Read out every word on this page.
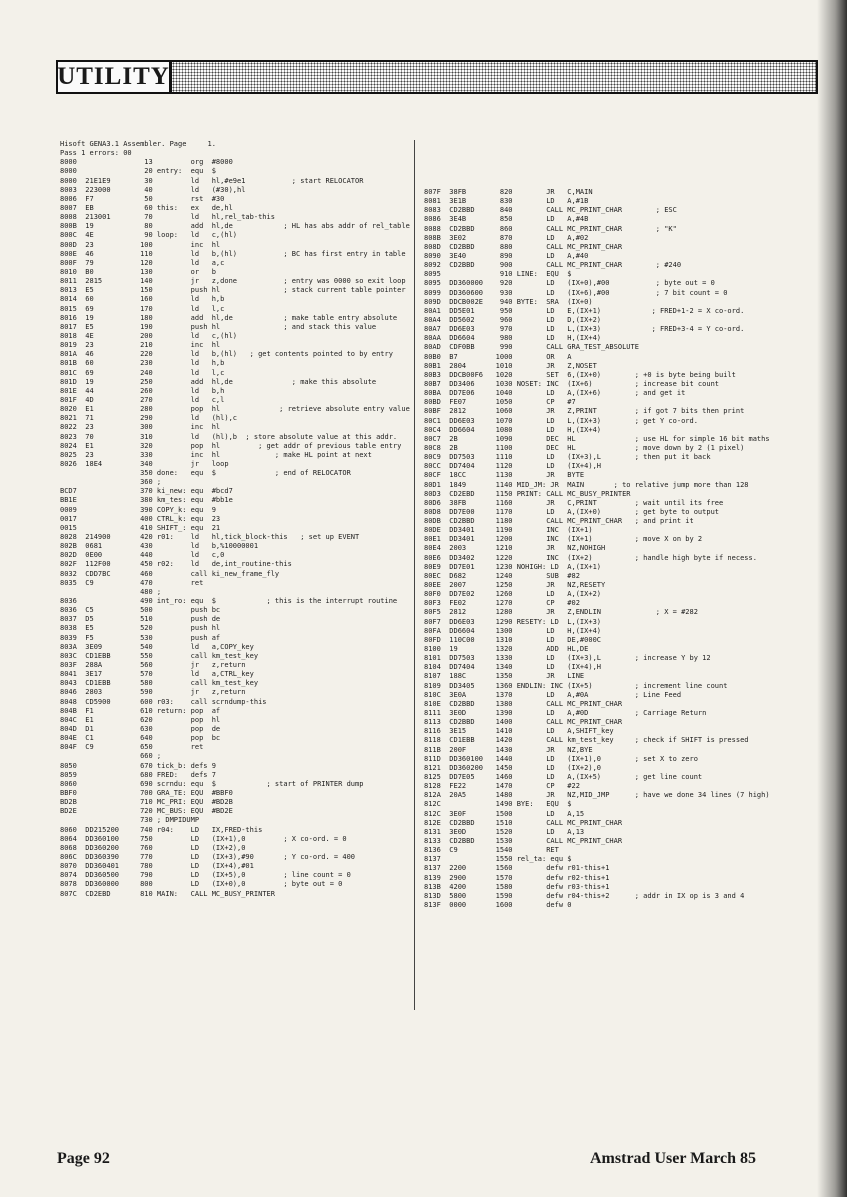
UTILITY
Hisoft GENA3.1 Assembler. Page     1.
Pass 1 errors: 00
8000                13         org  #8000
8000                20 entry:  equ  $
8000  21E1E9        30         ld   hl,#e9e1           ; start RELOCATOR
8003  223000        40         ld   (#30),hl
8006  F7            50         rst  #30
8007  EB            60 this:   ex   de,hl
8008  213001        70         ld   hl,rel_tab-this
800B  19            80         add  hl,de            ; HL has abs addr of rel_table
800C  4E            90 loop:   ld   c,(hl)
800D  23           100         inc  hl
800E  46           110         ld   b,(hl)           ; BC has first entry in table
800F  79           120         ld   a,c
8010  B0           130         or   b
8011  2815         140         jr   z,done           ; entry was 0000 so exit loop
8013  E5           150         push hl               ; stack current table pointer
8014  60           160         ld   h,b
8015  69           170         ld   l,c
8016  19           180         add  hl,de            ; make table entry absolute
8017  E5           190         push hl               ; and stack this value
8018  4E           200         ld   c,(hl)
8019  23           210         inc  hl
801A  46           220         ld   b,(hl)   ; get contents pointed to by entry
801B  60           230         ld   h,b
801C  69           240         ld   l,c
801D  19           250         add  hl,de              ; make this absolute
801E  44           260         ld   b,h
801F  4D           270         ld   c,l
8020  E1           280         pop  hl              ; retrieve absolute entry value
8021  71           290         ld   (hl),c
8022  23           300         inc  hl
8023  70           310         ld   (hl),b  ; store absolute value at this addr.
8024  E1           320         pop  hl         ; get addr of previous table entry
8025  23           330         inc  hl             ; make HL point at next
8026  18E4         340         jr   loop
350 done:   equ  $              ; end of RELOCATOR
360 ;
BCD7               370 ki_new: equ  #bcd7
BB1E               380 km_tes: equ  #bb1e
0009               390 COPY_k: equ  9
0017               400 CTRL_k: equ  23
0015               410 SHIFT_: equ  21
8028  214900       420 r01:    ld   hl,tick_block-this   ; set up EVENT
802B  0681         430         ld   b,%10000001
802D  0E00         440         ld   c,0
802F  112F00       450 r02:    ld   de,int_routine-this
8032  CDD7BC       460         call ki_new_frame_fly
8035  C9           470         ret
480 ;
8036               490 int_ro: equ  $            ; this is the interrupt routine
8036  C5           500         push bc
8037  D5           510         push de
8038  E5           520         push hl
8039  F5           530         push af
803A  3E09         540         ld   a,COPY_key
803C  CD1EBB       550         call km_test_key
803F  288A         560         jr   z,return
8041  3E17         570         ld   a,CTRL_key
8043  CD1EBB       580         call km_test_key
8046  2803         590         jr   z,return
8048  CD5900       600 r03:    call scrndump-this
804B  F1           610 return: pop  af
804C  E1           620         pop  hl
804D  D1           630         pop  de
804E  C1           640         pop  bc
804F  C9           650         ret
660 ;
8050               670 tick_b: defs 9
8059               680 FRED:   defs 7
8060               690 scrndu: equ  $            ; start of PRINTER dump
BBF0               700 GRA_TE: EQU  #BBF0
BD2B               710 MC_PRI: EQU  #BD2B
BD2E               720 MC_BUS: EQU  #BD2E
730 ; DMPIDUMP
8060  DD215200     740 r04:    LD   IX,FRED-this
8064  DD360100     750         LD   (IX+1),0         ; X co-ord. = 0
8068  DD360200     760         LD   (IX+2),0
806C  DD360390     770         LD   (IX+3),#90       ; Y co-ord. = 400
8070  DD360401     780         LD   (IX+4),#01
8074  DD360500     790         LD   (IX+5),0         ; line count = 0
8078  DD360000     800         LD   (IX+0),0         ; byte out = 0
807C  CD2EBD       810 MAIN:   CALL MC_BUSY_PRINTER
807F  38FB        820        JR   C,MAIN
8081  3E1B        830        LD   A,#1B
8083  CD2BBD      840        CALL MC_PRINT_CHAR        ; ESC
8086  3E4B        850        LD   A,#4B
8088  CD2BBD      860        CALL MC_PRINT_CHAR        ; "K"
808B  3E02        870        LD   A,#02
808D  CD2BBD      880        CALL MC_PRINT_CHAR
8090  3E40        890        LD   A,#40
8092  CD2BBD      900        CALL MC_PRINT_CHAR        ; #240
8095              910 LINE:  EQU  $
8095  DD360000    920        LD   (IX+0),#00           ; byte out = 0
8099  DD360600    930        LD   (IX+6),#00           ; 7 bit count = 0
809D  DDCB002E    940 BYTE:  SRA  (IX+0)
80A1  DD5E01      950        LD   E,(IX+1)            ; FRED+1-2 = X co-ord.
80A4  DD5602      960        LD   D,(IX+2)
80A7  DD6E03      970        LD   L,(IX+3)            ; FRED+3-4 = Y co-ord.
80AA  DD6604      980        LD   H,(IX+4)
80AD  CDF0BB      990        CALL GRA_TEST_ABSOLUTE
80B0  B7         1000        OR   A
80B1  2804       1010        JR   Z,NOSET
80B3  DDCB00F6   1020        SET  6,(IX+0)        ; +0 is byte being built
80B7  DD3406     1030 NOSET: INC  (IX+6)          ; increase bit count
80BA  DD7E06     1040        LD   A,(IX+6)        ; and get it
80BD  FE07       1050        CP   #7
80BF  2812       1060        JR   Z,PRINT         ; if got 7 bits then print
80C1  DD6E03     1070        LD   L,(IX+3)        ; get Y co-ord.
80C4  DD6604     1080        LD   H,(IX+4)
80C7  2B         1090        DEC  HL              ; use HL for simple 16 bit maths
80C8  2B         1100        DEC  HL              ; move down by 2 (1 pixel)
80C9  DD7503     1110        LD   (IX+3),L        ; then put it back
80CC  DD7404     1120        LD   (IX+4),H
80CF  18CC       1130        JR   BYTE
80D1  1849       1140 MID_JM: JR  MAIN       ; to relative jump more than 128
80D3  CD2EBD     1150 PRINT: CALL MC_BUSY_PRINTER
80D6  38FB       1160        JR   C,PRINT         ; wait until its free
80D8  DD7E00     1170        LD   A,(IX+0)        ; get byte to output
80DB  CD2BBD     1180        CALL MC_PRINT_CHAR   ; and print it
80DE  DD3401     1190        INC  (IX+1)
80E1  DD3401     1200        INC  (IX+1)          ; move X on by 2
80E4  2003       1210        JR   NZ,NOHIGH
80E6  DD3402     1220        INC  (IX+2)          ; handle high byte if necess.
80E9  DD7E01     1230 NOHIGH: LD  A,(IX+1)
80EC  D682       1240        SUB  #82
80EE  2007       1250        JR   NZ,RESETY
80F0  DD7E02     1260        LD   A,(IX+2)
80F3  FE02       1270        CP   #02
80F5  2812       1280        JR   Z,ENDLIN             ; X = #282
80F7  DD6E03     1290 RESETY: LD  L,(IX+3)
80FA  DD6604     1300        LD   H,(IX+4)
80FD  110C00     1310        LD   DE,#000C
8100  19         1320        ADD  HL,DE
8101  DD7503     1330        LD   (IX+3),L        ; increase Y by 12
8104  DD7404     1340        LD   (IX+4),H
8107  188C       1350        JR   LINE
8109  DD3405     1360 ENDLIN: INC (IX+5)          ; increment line count
810C  3E0A       1370        LD   A,#0A           ; Line Feed
810E  CD2BBD     1380        CALL MC_PRINT_CHAR
8111  3E0D       1390        LD   A,#0D           ; Carriage Return
8113  CD2BBD     1400        CALL MC_PRINT_CHAR
8116  3E15       1410        LD   A,SHIFT_key
8118  CD1EBB     1420        CALL km_test_key     ; check if SHIFT is pressed
811B  200F       1430        JR   NZ,BYE
811D  DD360100   1440        LD   (IX+1),0        ; set X to zero
8121  DD360200   1450        LD   (IX+2),0
8125  DD7E05     1460        LD   A,(IX+5)        ; get line count
8128  FE22       1470        CP   #22
812A  20A5       1480        JR   NZ,MID_JMP      ; have we done 34 lines (7 high)
812C             1490 BYE:   EQU  $
812C  3E0F       1500        LD   A,15
812E  CD2BBD     1510        CALL MC_PRINT_CHAR
8131  3E0D       1520        LD   A,13
8133  CD2BBD     1530        CALL MC_PRINT_CHAR
8136  C9         1540        RET
8137             1550 rel_ta: equ $
8137  2200       1560        defw r01-this+1
8139  2900       1570        defw r02-this+1
813B  4200       1580        defw r03-this+1
813D  5800       1590        defw r04-this+2      ; addr in IX op is 3 and 4
813F  0000       1600        defw 0
Page 92	Amstrad User March 85
